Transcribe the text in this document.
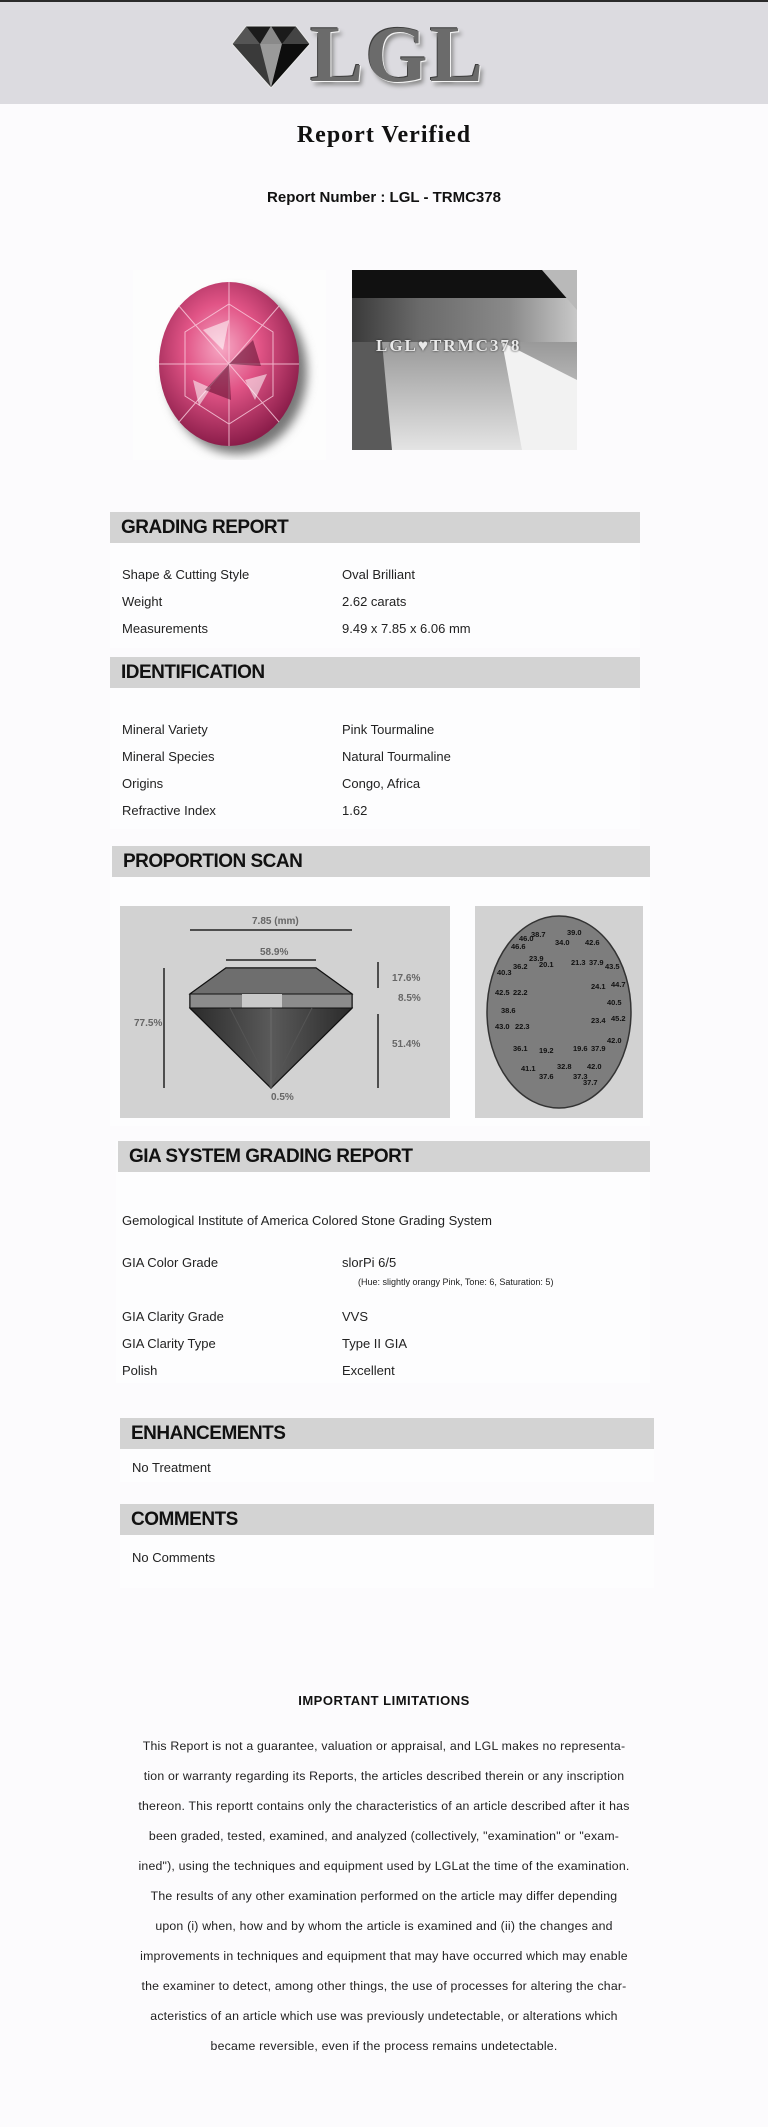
LGL
Report Verified
Report Number : LGL - TRMC378
LGL♥TRMC378
GRADING REPORT
Shape & Cutting Style	Oval Brilliant
Weight	2.62 carats
Measurements	9.49 x 7.85 x 6.06 mm
IDENTIFICATION
Mineral Variety	Pink Tourmaline
Mineral Species	Natural Tourmaline
Origins	Congo, Africa
Refractive Index	1.62
PROPORTION SCAN
7.85 (mm)
58.9%
77.5%
17.6%
8.5%
51.4%
0.5%
39.0
42.6
34.0
38.7
46.0
46.6
23.9	21.3 37.9 43.5
36.2 20.1
40.3
44.7
24.1
42.5 22.2
40.5
38.6
23.4 45.2
43.0 22.3
42.0
36.1 19.2	19.6 37.9
41.1	32.8 42.0
37.6	37.3
37.7
GIA SYSTEM GRADING REPORT
Gemological Institute of America Colored Stone Grading System
GIA Color Grade	slorPi 6/5
(Hue: slightly orangy Pink, Tone: 6, Saturation: 5)
GIA Clarity Grade	VVS
GIA Clarity Type	Type II GIA
Polish	Excellent
ENHANCEMENTS
No Treatment
COMMENTS
No Comments
IMPORTANT LIMITATIONS
This Report is not a guarantee, valuation or appraisal, and LGL makes no representa-
tion or warranty regarding its Reports, the articles described therein or any inscription
thereon. This reportt contains only the characteristics of an article described after it has
been graded, tested, examined, and analyzed (collectively, "examination" or "exam-
ined"), using the techniques and equipment used by LGLat the time of the examination.
The results of any other examination performed on the article may differ depending
upon (i) when, how and by whom the article is examined and (ii) the changes and
improvements in techniques and equipment that may have occurred which may enable
the examiner to detect, among other things, the use of processes for altering the char-
acteristics of an article which use was previously undetectable, or alterations which
became reversible, even if the process remains undetectable.
